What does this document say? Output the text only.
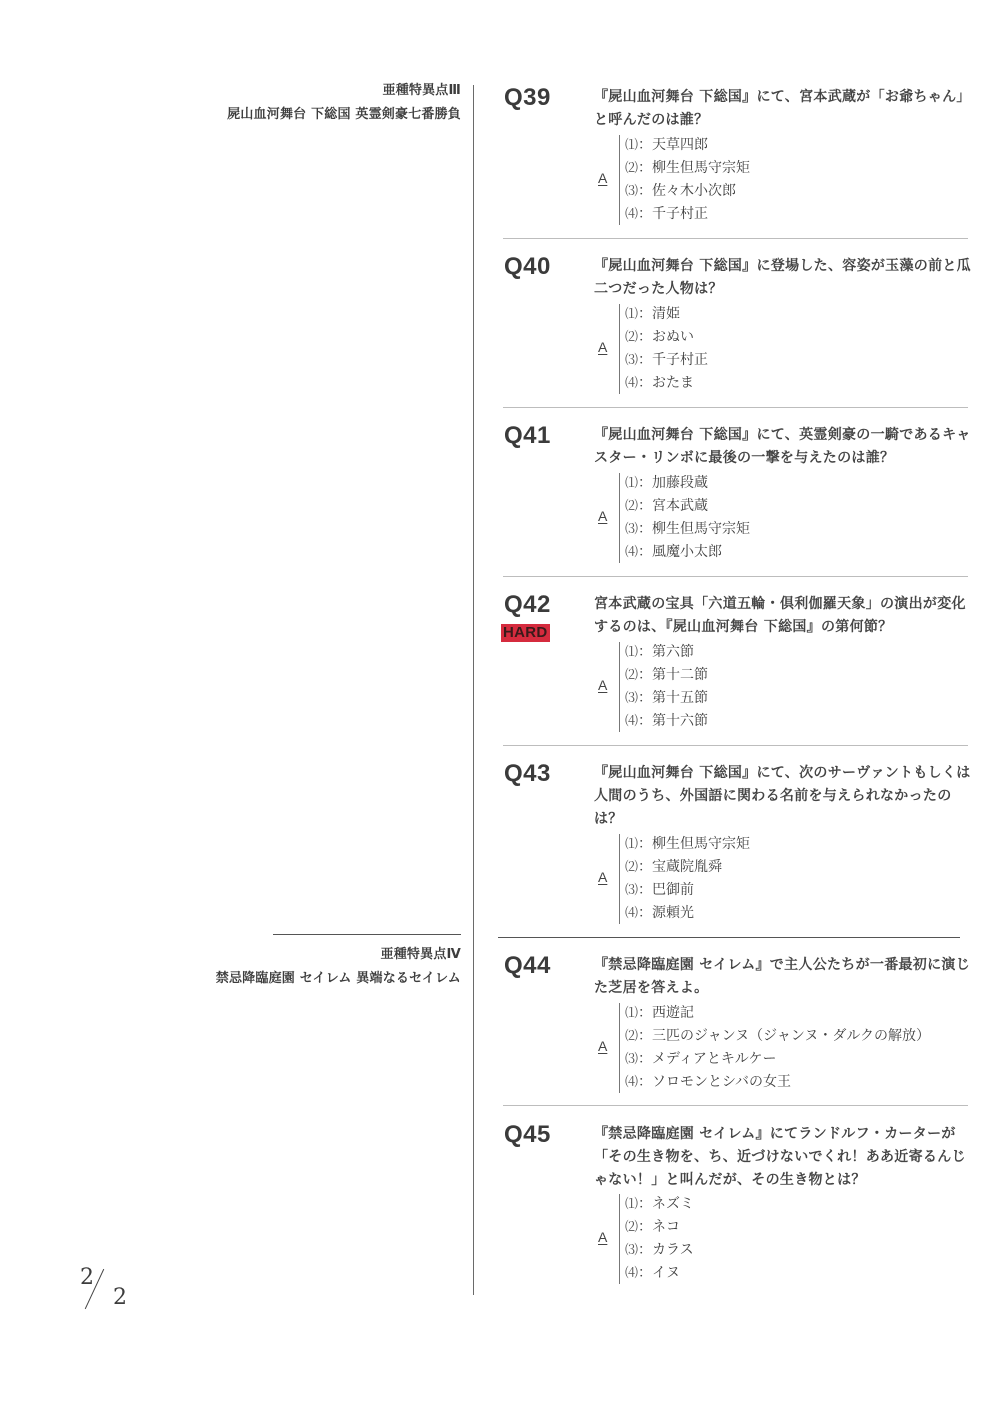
亜種特異点Ⅲ
屍山血河舞台 下総国 英霊剣豪七番勝負
亜種特異点Ⅳ
禁忌降臨庭園 セイレム 異端なるセイレム
Q39	『屍山血河舞台 下総国』にて、宮本武蔵が「お爺ちゃん」と呼んだのは誰？
A
⑴：天草四郎
⑵：柳生但馬守宗矩
⑶：佐々木小次郎
⑷：千子村正
Q40	『屍山血河舞台 下総国』に登場した、容姿が玉藻の前と瓜二つだった人物は？
A
⑴：清姫
⑵：おぬい
⑶：千子村正
⑷：おたま
Q41	『屍山血河舞台 下総国』にて、英霊剣豪の一騎であるキャスター・リンボに最後の一撃を与えたのは誰？
A
⑴：加藤段蔵
⑵：宮本武蔵
⑶：柳生但馬守宗矩
⑷：風魔小太郎
Q42
HARD
宮本武蔵の宝具「六道五輪・倶利伽羅天象」の演出が変化するのは、『屍山血河舞台 下総国』の第何節？
A
⑴：第六節
⑵：第十二節
⑶：第十五節
⑷：第十六節
Q43	『屍山血河舞台 下総国』にて、次のサーヴァントもしくは人間のうち、外国語に関わる名前を与えられなかったのは？
A
⑴：柳生但馬守宗矩
⑵：宝蔵院胤舜
⑶：巴御前
⑷：源頼光
Q44	『禁忌降臨庭園 セイレム』で主人公たちが一番最初に演じた芝居を答えよ。
A
⑴：西遊記
⑵：三匹のジャンヌ（ジャンヌ・ダルクの解放）
⑶：メディアとキルケー
⑷：ソロモンとシバの女王
Q45	『禁忌降臨庭園 セイレム』にてランドルフ・カーターが「その生き物を、ち、近づけないでくれ！ああ近寄るんじゃない！」と叫んだが、その生き物とは？
A
⑴：ネズミ
⑵：ネコ
⑶：カラス
⑷：イヌ
2
2
